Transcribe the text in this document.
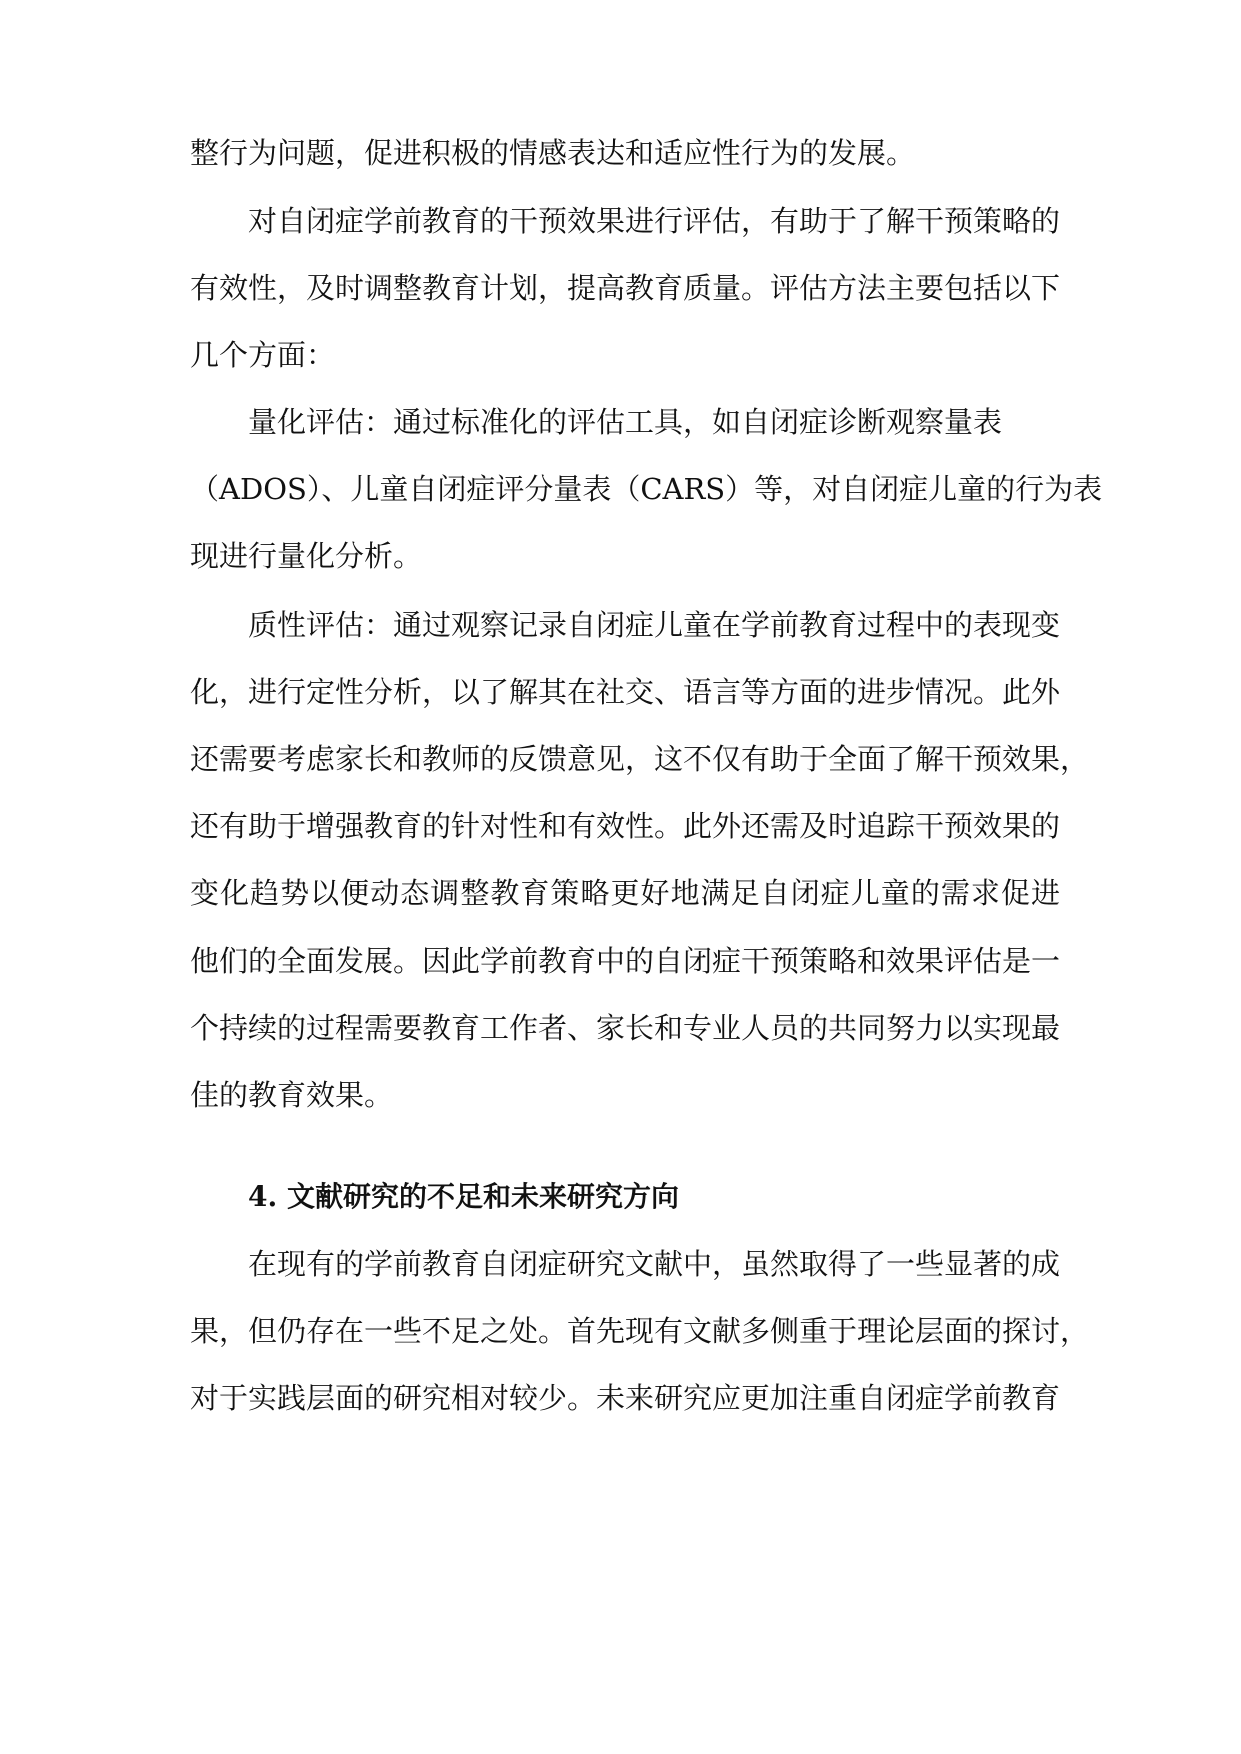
整行为问题，促进积极的情感表达和适应性行为的发展。
对自闭症学前教育的干预效果进行评估，有助于了解干预策略的
有效性，及时调整教育计划，提高教育质量。评估方法主要包括以下
几个方面：
量化评估：通过标准化的评估工具，如自闭症诊断观察量表
（ADOS）、儿童自闭症评分量表（CARS）等，对自闭症儿童的行为表
现进行量化分析。
质性评估：通过观察记录自闭症儿童在学前教育过程中的表现变
化，进行定性分析，以了解其在社交、语言等方面的进步情况。此外
还需要考虑家长和教师的反馈意见，这不仅有助于全面了解干预效果，
还有助于增强教育的针对性和有效性。此外还需及时追踪干预效果的
变化趋势以便动态调整教育策略更好地满足自闭症儿童的需求促进
他们的全面发展。因此学前教育中的自闭症干预策略和效果评估是一
个持续的过程需要教育工作者、家长和专业人员的共同努力以实现最
佳的教育效果。
4. 文献研究的不足和未来研究方向
在现有的学前教育自闭症研究文献中，虽然取得了一些显著的成
果，但仍存在一些不足之处。首先现有文献多侧重于理论层面的探讨，
对于实践层面的研究相对较少。未来研究应更加注重自闭症学前教育
